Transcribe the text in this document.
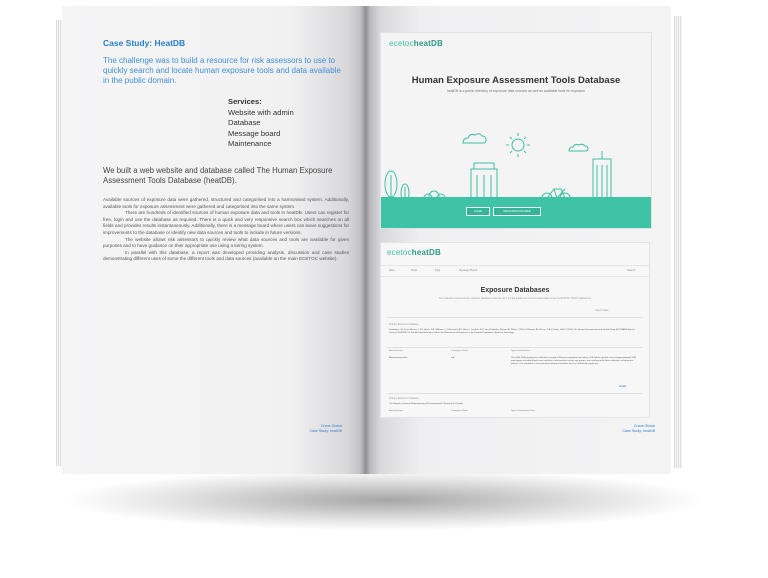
Case Study: HeatDB
The challenge was to build a resource for risk assessors to use to quickly search and locate human exposure tools and data available in the public domain.
Services:
Website with admin
Database
Message board
Maintenance
We built a web website and database called The Human Exposure Assessment Tools Database (heatDB).

Available sources of exposure data were gathered, structured and categorised into a harmonised system. Additionally, available tools for exposure assessment were gathered and categorised into the same system.

There are hundreds of identified sources of human exposure data and tools in heatDB. Users can register for free, login and use the database as required. There is a quick and very responsive search box which searches on all fields and provides results instantaneously. Additionally, there is a message board where users can leave suggestions for improvements to the database or identify new data sources and tools to include in future versions.

The website allows risk assessors to quickly review what data sources and tools are available for given purposes and to have guidance on their appropriate use using a tiering system.

In parallel with this database, a report was developed providing analysis, discussion and case studies demonstrating different uses of some the different tools and data sources (available on the main ECETOC website).

Crane Global
Case Study: heatDB
ecetocheatDB
Human Exposure Assessment Tools Database
heatDB is a public directory of exposure data sources as well as available tools for exposure
LOGIN	REGISTER FOR FREE
ecetocheatDB
Data	Tools	FAQ	Message Board	Search
Exposure Databases
This collection represents the exposure databases listed as tier 1 in high quality and recommended data for use by ECETOC TR107 website list.
Search Data
Primary Exposure Database
Deadman, L.B. Ferre-Ekmas, L.P.F. Harris, P.R. Willams, L.J. Bruneetti, A.F. Dlow, L. Loudain, A.V. Van Cambelier, Mhoren B. Wilkes, T.W.H. & Minnan, AL. A Linn, T.A. & Kodia, H.E.P. (2016) The Human Environment and Health Study (ECOHAHE Round Drivers) 2004/2017 In 'Establishing Reference Values for Biomarkers of Exposure in the Flemish Population', Annex of Toxicology
Activity Scope	Category of Data	Type of Information
Biomonitoring data	Lab	The 2004 2006 programme collected a sample of Flemish population (including a 24h follow-up) that covered approximately 2000 participants including blood, urine and hair in the baseline survey, age groups, area and period of data collection; including two phases. The variations in concentrations between locations was not statistically significant.
Details
Primary Exposure Database
The Report on Human Biomonitoring of Environmental Chemicals in Canada
Activity Scope	Category of Data	Type of Information Data
Crane Global
Case Study: heatDB
